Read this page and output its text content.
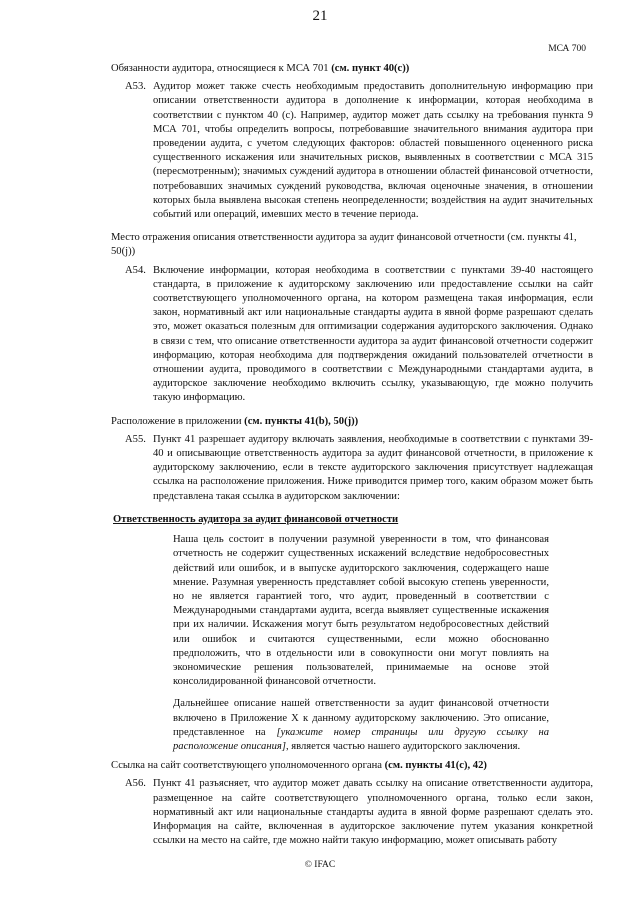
21
МСА 700
Обязанности аудитора, относящиеся к МСА 701 (см. пункт 40(c))
A53. Аудитор может также счесть необходимым предоставить дополнительную информацию при описании ответственности аудитора в дополнение к информации, которая необходима в соответствии с пунктом 40 (c). Например, аудитор может дать ссылку на требования пункта 9 МСА 701, чтобы определить вопросы, потребовавшие значительного внимания аудитора при проведении аудита, с учетом следующих факторов: областей повышенного оцененного риска существенного искажения или значительных рисков, выявленных в соответствии с МСА 315 (пересмотренным); значимых суждений аудитора в отношении областей финансовой отчетности, потребовавших значимых суждений руководства, включая оценочные значения, в отношении которых была выявлена высокая степень неопределенности; воздействия на аудит значительных событий или операций, имевших место в течение периода.
Место отражения описания ответственности аудитора за аудит финансовой отчетности (см. пункты 41, 50(j))
A54. Включение информации, которая необходима в соответствии с пунктами 39-40 настоящего стандарта, в приложение к аудиторскому заключению или предоставление ссылки на сайт соответствующего уполномоченного органа, на котором размещена такая информация, если закон, нормативный акт или национальные стандарты аудита в явной форме разрешают сделать это, может оказаться полезным для оптимизации содержания аудиторского заключения. Однако в связи с тем, что описание ответственности аудитора за аудит финансовой отчетности содержит информацию, которая необходима для подтверждения ожиданий пользователей отчетности в отношении аудита, проводимого в соответствии с Международными стандартами аудита, в аудиторское заключение необходимо включить ссылку, указывающую, где можно получить такую информацию.
Расположение в приложении (см. пункты 41(b), 50(j))
A55. Пункт 41 разрешает аудитору включать заявления, необходимые в соответствии с пунктами 39-40 и описывающие ответственность аудитора за аудит финансовой отчетности, в приложение к аудиторскому заключению, если в тексте аудиторского заключения присутствует надлежащая ссылка на расположение приложения. Ниже приводится пример того, каким образом может быть представлена такая ссылка в аудиторском заключении:
Ответственность аудитора за аудит финансовой отчетности

Наша цель состоит в получении разумной уверенности в том, что финансовая отчетность не содержит существенных искажений вследствие недобросовестных действий или ошибок, и в выпуске аудиторского заключения, содержащего наше мнение. Разумная уверенность представляет собой высокую степень уверенности, но не является гарантией того, что аудит, проведенный в соответствии с Международными стандартами аудита, всегда выявляет существенные искажения при их наличии. Искажения могут быть результатом недобросовестных действий или ошибок и считаются существенными, если можно обоснованно предположить, что в отдельности или в совокупности они могут повлиять на экономические решения пользователей, принимаемые на основе этой консолидированной финансовой отчетности.

Дальнейшее описание нашей ответственности за аудит финансовой отчетности включено в Приложение X к данному аудиторскому заключению. Это описание, представленное на [укажите номер страницы или другую ссылку на расположение описания], является частью нашего аудиторского заключения.

Ссылка на сайт соответствующего уполномоченного органа (см. пункты 41(c), 42)
A56. Пункт 41 разъясняет, что аудитор может давать ссылку на описание ответственности аудитора, размещенное на сайте соответствующего уполномоченного органа, только если закон, нормативный акт или национальные стандарты аудита в явной форме разрешают сделать это. Информация на сайте, включенная в аудиторское заключение путем указания конкретной ссылки на место на сайте, где можно найти такую информацию, может описывать работу
© IFAC
